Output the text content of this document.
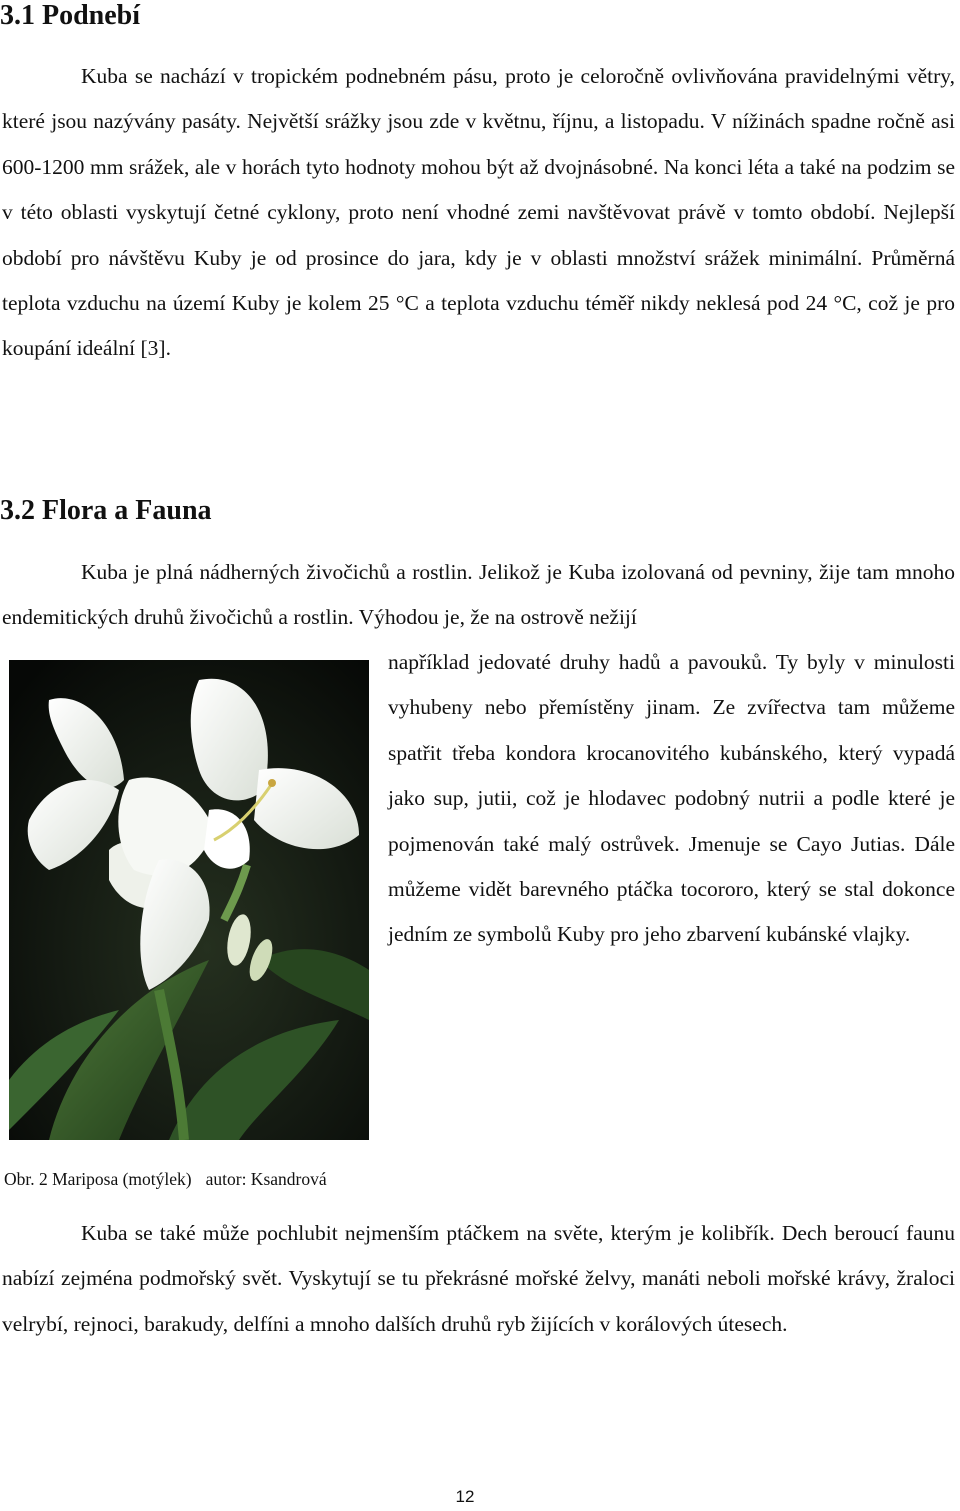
3.1 Podnebí

Kuba se nachází v tropickém podnebném pásu, proto je celoročně ovlivňována pravidelnými větry, které jsou nazývány pasáty. Největší srážky jsou zde v květnu, říjnu, a listopadu. V nížinách spadne ročně asi 600-1200 mm srážek, ale v horách tyto hodnoty mohou být až dvojnásobné. Na konci léta a také na podzim se v této oblasti vyskytují četné cyklony, proto není vhodné zemi navštěvovat právě v tomto období. Nejlepší období pro návštěvu Kuby je od prosince do jara, kdy je v oblasti množství srážek minimální. Průměrná teplota vzduchu na území Kuby je kolem 25 °C a teplota vzduchu téměř nikdy neklesá pod 24 °C, což je pro koupání ideální [3].

3.2 Flora a Fauna

Kuba je plná nádherných živočichů a rostlin. Jelikož je Kuba izolovaná od pevniny, žije tam mnoho endemitických druhů živočichů a rostlin. Výhodou je, že na ostrově nežijí

například jedovaté druhy hadů a pavouků. Ty byly v minulosti vyhubeny nebo přemístěny jinam. Ze zvířectva tam můžeme spatřit třeba kondora krocanovitého kubánského, který vypadá jako sup, jutii, což je hlodavec podobný nutrii a podle které je pojmenován také malý ostrůvek. Jmenuje se Cayo Jutias. Dále můžeme vidět barevného ptáčka tocororo, který se stal dokonce jedním ze symbolů Kuby pro jeho zbarvení kubánské vlajky.

Obr. 2 Mariposa (motýlek) autor: Ksandrová

Kuba se také může pochlubit nejmenším ptáčkem na světe, kterým je kolibřík. Dech beroucí faunu nabízí zejména podmořský svět. Vyskytují se tu překrásné mořské želvy, manáti neboli mořské krávy, žraloci velrybí, rejnoci, barakudy, delfíni a mnoho dalších druhů ryb žijících v korálových útesech.

12
